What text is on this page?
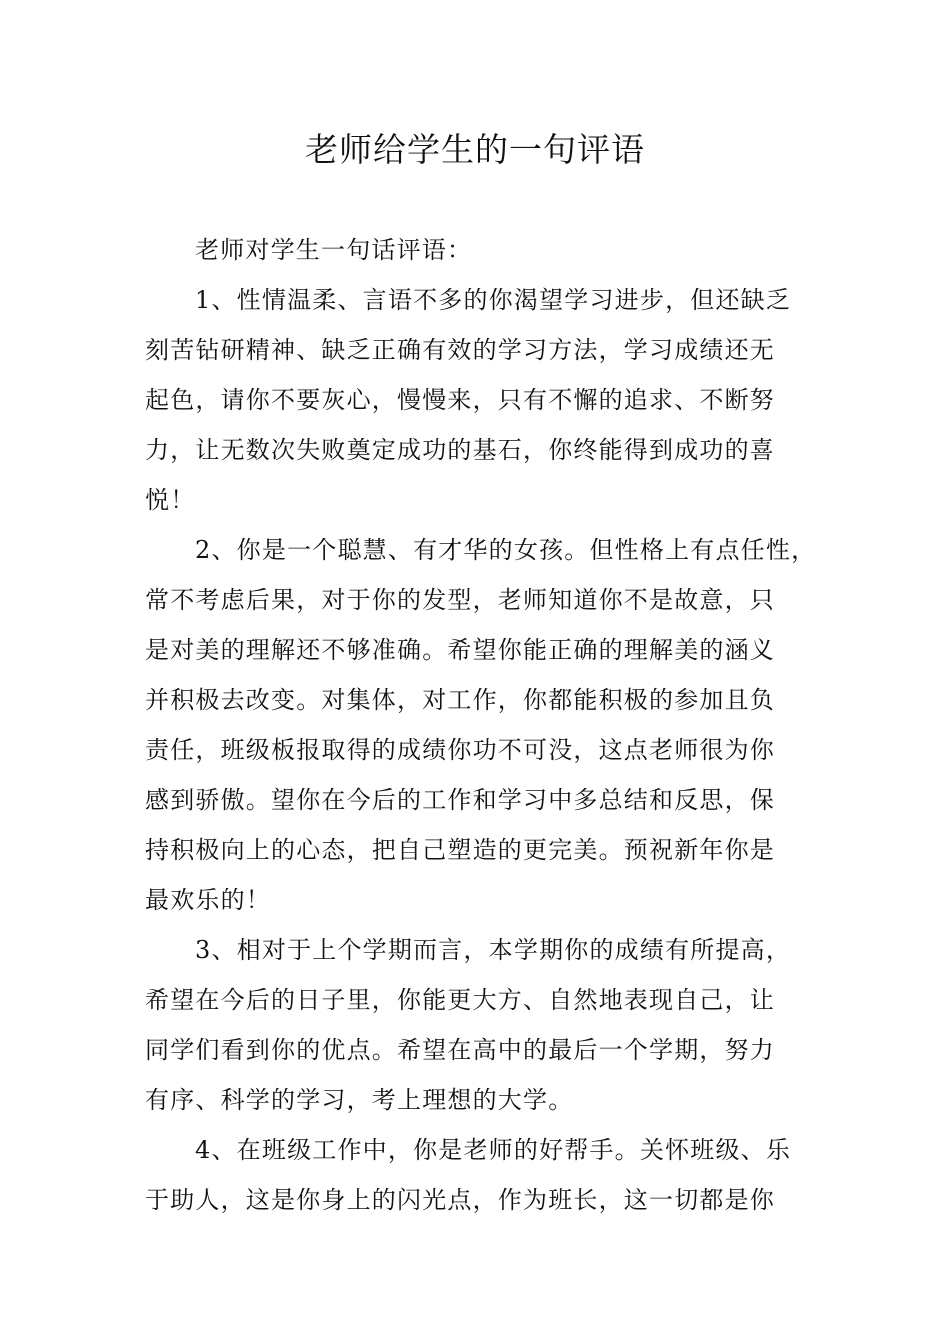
老师给学生的一句评语
老师对学生一句话评语：
1、性情温柔、言语不多的你渴望学习进步，但还缺乏
刻苦钻研精神、缺乏正确有效的学习方法，学习成绩还无
起色，请你不要灰心，慢慢来，只有不懈的追求、不断努
力，让无数次失败奠定成功的基石，你终能得到成功的喜
悦！
2、你是一个聪慧、有才华的女孩。但性格上有点任性，
常不考虑后果，对于你的发型，老师知道你不是故意，只
是对美的理解还不够准确。希望你能正确的理解美的涵义
并积极去改变。对集体，对工作，你都能积极的参加且负
责任，班级板报取得的成绩你功不可没，这点老师很为你
感到骄傲。望你在今后的工作和学习中多总结和反思，保
持积极向上的心态，把自己塑造的更完美。预祝新年你是
最欢乐的！
3、相对于上个学期而言，本学期你的成绩有所提高，
希望在今后的日子里，你能更大方、自然地表现自己，让
同学们看到你的优点。希望在高中的最后一个学期，努力
有序、科学的学习，考上理想的大学。
4、在班级工作中，你是老师的好帮手。关怀班级、乐
于助人，这是你身上的闪光点，作为班长，这一切都是你
